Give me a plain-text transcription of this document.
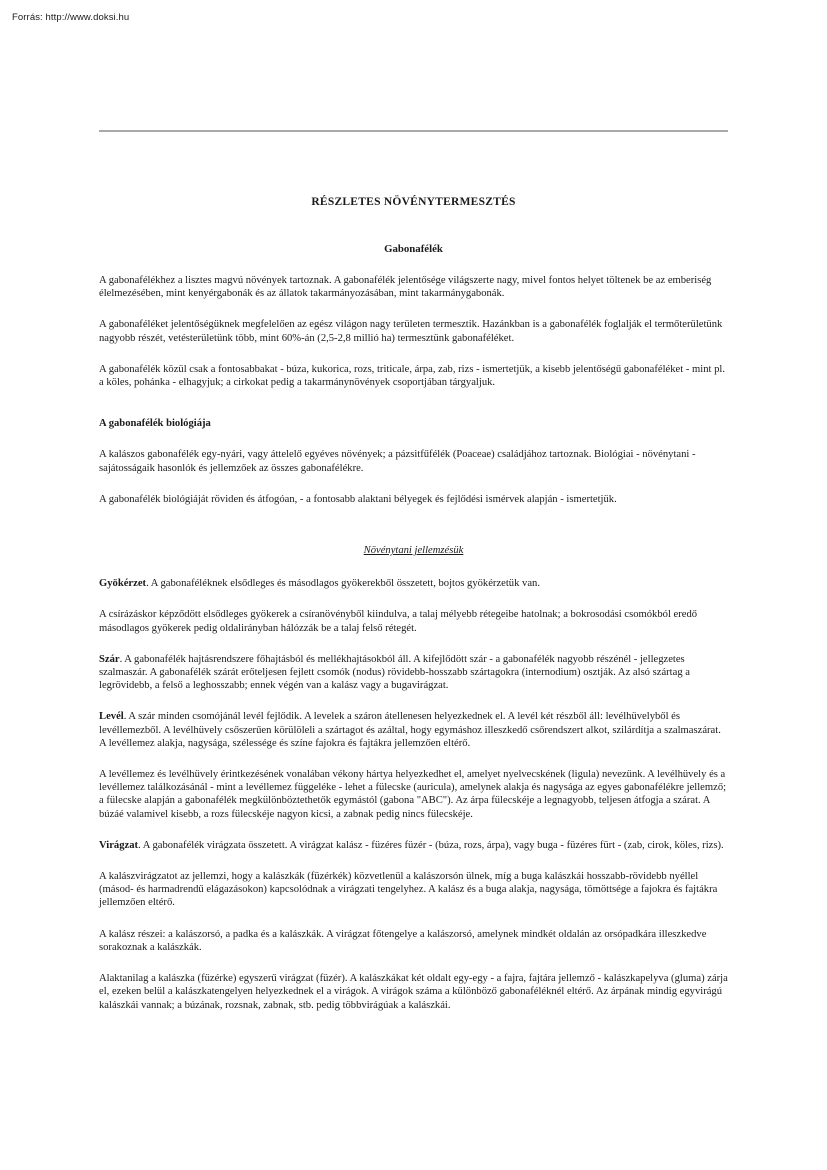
Forrás: http://www.doksi.hu
RÉSZLETES NÖVÉNYTERMESZTÉS
Gabonafélék

A gabonafélékhez a lisztes magvú növények tartoznak. A gabonafélék jelentősége világszerte nagy, mivel fontos helyet töltenek be az emberiség élelmezésében, mint kenyérgabonák és az állatok takarmányozásában, mint takarmánygabonák.

A gabonaféléket jelentőségüknek megfelelően az egész világon nagy területen termesztik. Hazánkban is a gabonafélék foglalják el termőterületünk nagyobb részét, vetésterületünk több, mint 60%-án (2,5-2,8 millió ha) termesztünk gabonaféléket.

A gabonafélék közül csak a fontosabbakat - búza, kukorica, rozs, triticale, árpa, zab, rizs - ismertetjük, a kisebb jelentőségű gabonaféléket - mint pl. a köles, pohánka - elhagyjuk; a cirkokat pedig a takarmánynövények csoportjában tárgyaljuk.

A gabonafélék biológiája

A kalászos gabonafélék egy-nyári, vagy áttelelő egyéves növények; a pázsitfűfélék (Poaceae) családjához tartoznak. Biológiai - növénytani - sajátosságaik hasonlók és jellemzőek az összes gabonafélékre.

A gabonafélék biológiáját röviden és átfogóan, - a fontosabb alaktani bélyegek és fejlődési ismérvek alapján - ismertetjük.

Növénytani jellemzésük

Gyökérzet. A gabonaféléknek elsődleges és másodlagos gyökerekből összetett, bojtos gyökérzetük van.

A csírázáskor képződött elsődleges gyökerek a csíranövényből kiindulva, a talaj mélyebb rétegeibe hatolnak; a bokrosodási csomókból eredő másodlagos gyökerek pedig oldalirányban hálózzák be a talaj felső rétegét.

Szár. A gabonafélék hajtásrendszere főhajtásból és mellékhajtásokból áll. A kifejlődött szár - a gabonafélék nagyobb részénél - jellegzetes szalmaszár. A gabonafélék szárát erőteljesen fejlett csomók (nodus) rövidebb-hosszabb szártagokra (internodium) osztják. Az alsó szártag a legrövidebb, a felső a leghosszabb; ennek végén van a kalász vagy a bugavirágzat.

Levél. A szár minden csomójánál levél fejlődik. A levelek a száron átellenesen helyezkednek el. A levél két részből áll: levélhüvelyből és levéllemezből. A levélhüvely csőszerűen körülöleli a szártagot és azáltal, hogy egymáshoz illeszkedő csőrendszert alkot, szilárdítja a szalmaszárat. A levéllemez alakja, nagysága, szélessége és színe fajokra és fajtákra jellemzően eltérő.

A levéllemez és levélhüvely érintkezésének vonalában vékony hártya helyezkedhet el, amelyet nyelvecskének (ligula) nevezünk. A levélhüvely és a levéllemez találkozásánál - mint a levéllemez függeléke - lehet a fülecske (auricula), amelynek alakja és nagysága az egyes gabonafélékre jellemző; a fülecske alapján a gabonafélék megkülönböztethetők egymástól (gabona "ABC"). Az árpa fülecskéje a legnagyobb, teljesen átfogja a szárat. A búzáé valamivel kisebb, a rozs fülecskéje nagyon kicsi, a zabnak pedig nincs fülecskéje.

Virágzat. A gabonafélék virágzata összetett. A virágzat kalász - füzéres füzér - (búza, rozs, árpa), vagy buga - füzéres fürt - (zab, cirok, köles, rizs).

A kalászvirágzatot az jellemzi, hogy a kalászkák (füzérkék) közvetlenül a kalászorsón ülnek, míg a buga kalászkái hosszabb-rövidebb nyéllel (másod- és harmadrendű elágazásokon) kapcsolódnak a virágzati tengelyhez. A kalász és a buga alakja, nagysága, tömöttsége a fajokra és fajtákra jellemzően eltérő.

A kalász részei: a kalászorsó, a padka és a kalászkák. A virágzat főtengelye a kalászorsó, amelynek mindkét oldalán az orsópadkára illeszkedve sorakoznak a kalászkák.

Alaktanilag a kalászka (füzérke) egyszerű virágzat (füzér). A kalászkákat két oldalt egy-egy - a fajra, fajtára jellemző - kalászkapelyva (gluma) zárja el, ezeken belül a kalászkatengelyen helyezkednek el a virágok. A virágok száma a különböző gabonaféléknél eltérő. Az árpának mindig egyvirágú kalászkái vannak; a búzának, rozsnak, zabnak, stb. pedig többvirágúak a kalászkái.
